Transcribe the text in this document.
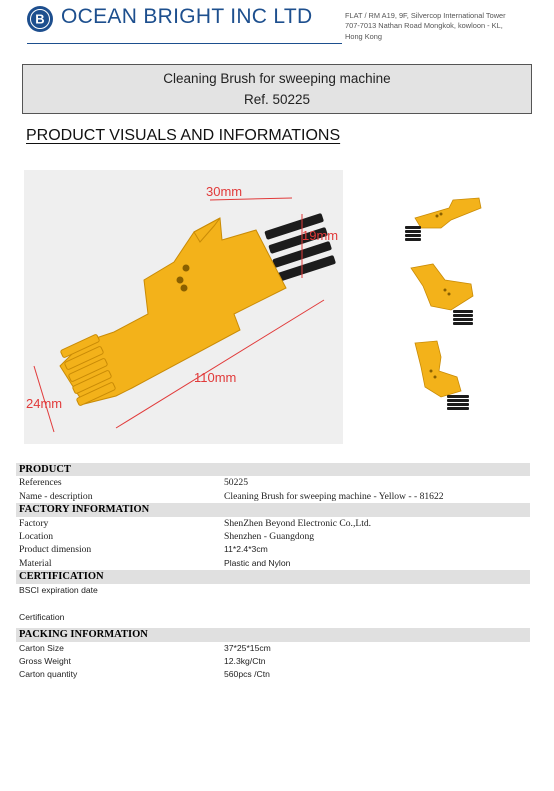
B OCEAN BRIGHT INC LTD	FLAT / RM A19, 9F, Silvercop International Tower
707-7013 Nathan Road Mongkok, kowloon - KL,
Hong Kong
Cleaning Brush for sweeping machine
Ref. 50225
PRODUCT VISUALS AND INFORMATIONS
30mm
19mm
110mm
24mm
PRODUCT
References	50225
Name - description	Cleaning Brush for sweeping machine - Yellow - - 81622
FACTORY INFORMATION
Factory	ShenZhen Beyond Electronic Co.,Ltd.
Location	Shenzhen - Guangdong
Product dimension	11*2.4*3cm
Material	Plastic and Nylon
CERTIFICATION
BSCI expiration date
Certification
PACKING INFORMATION
Carton Size	37*25*15cm
Gross Weight	12.3kg/Ctn
Carton quantity	560pcs /Ctn
